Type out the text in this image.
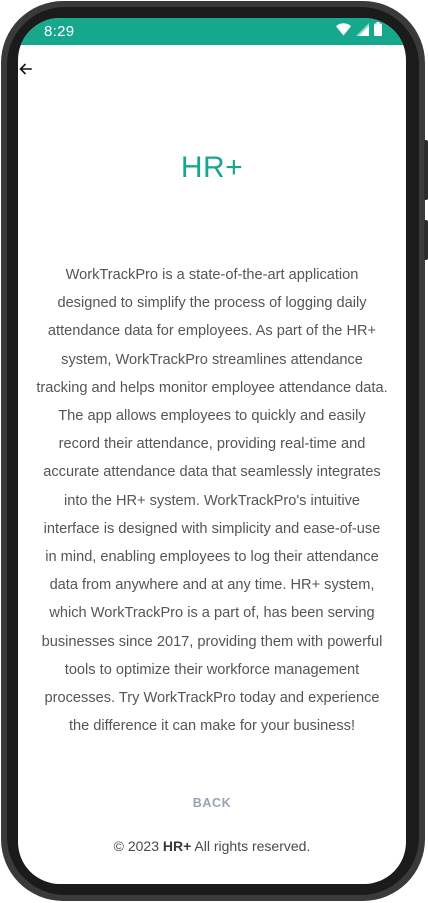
8:29
HR+
WorkTrackPro is a state-of-the-art application designed to simplify the process of logging daily attendance data for employees. As part of the HR+ system, WorkTrackPro streamlines attendance tracking and helps monitor employee attendance data. The app allows employees to quickly and easily record their attendance, providing real-time and accurate attendance data that seamlessly integrates into the HR+ system. WorkTrackPro's intuitive interface is designed with simplicity and ease-of-use in mind, enabling employees to log their attendance data from anywhere and at any time. HR+ system, which WorkTrackPro is a part of, has been serving businesses since 2017, providing them with powerful tools to optimize their workforce management processes. Try WorkTrackPro today and experience the difference it can make for your business!
BACK
© 2023 HR+ All rights reserved.
